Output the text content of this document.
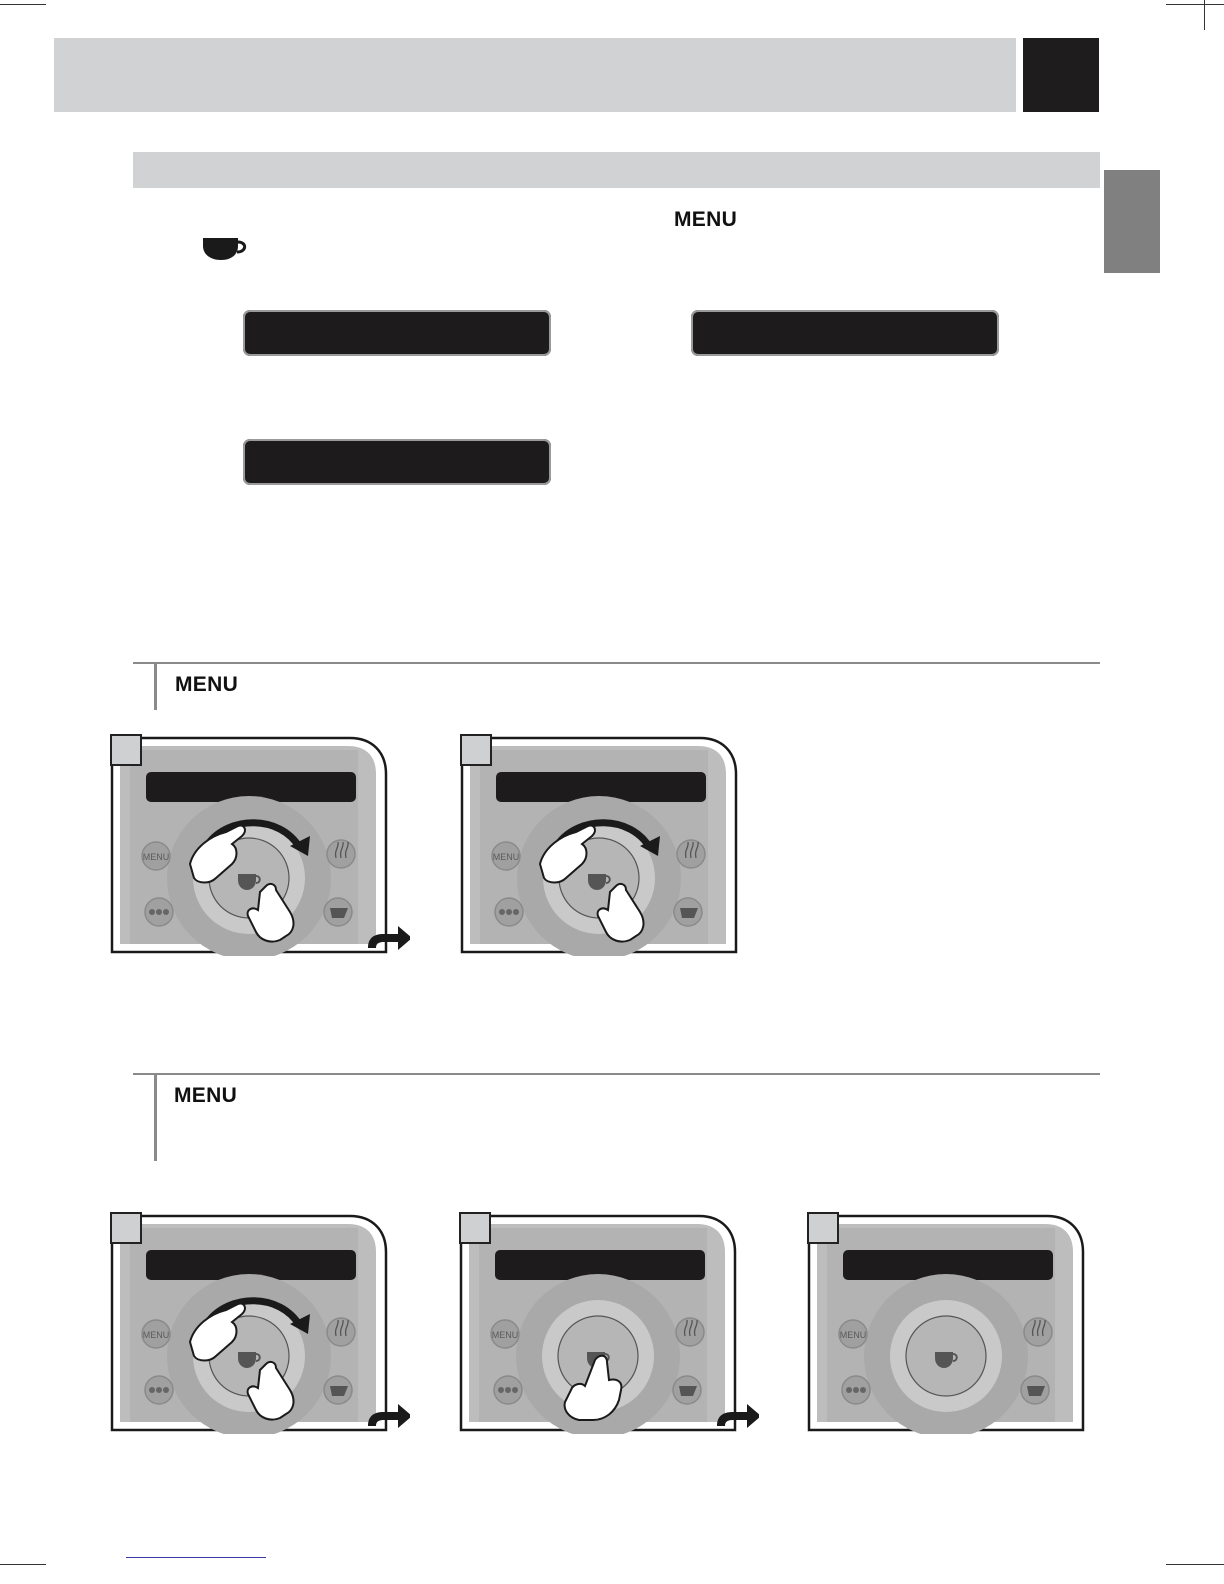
MENU
MENU
MENU
